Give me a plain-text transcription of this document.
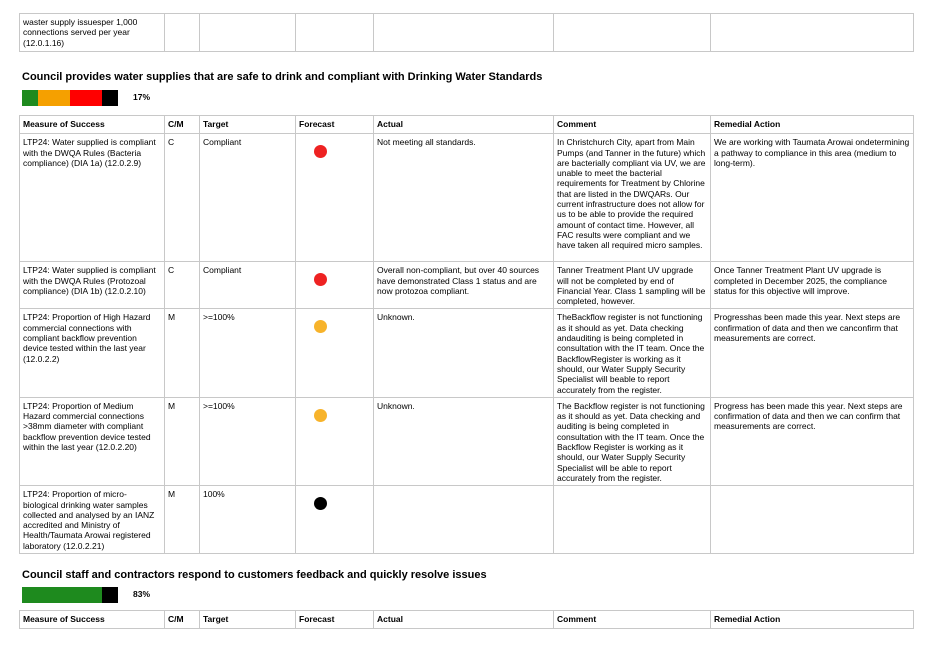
waster supply issuesper 1,000 connections served per year (12.0.1.16)						
Council provides water supplies that are safe to drink and compliant with Drinking Water Standards
17%
Measure of Success	C/M	Target	Forecast	Actual	Comment	Remedial Action
LTP24: Water supplied is compliant with the DWQA Rules (Bacteria compliance) (DIA 1a) (12.0.2.9)	C	Compliant		Not meeting all standards.	In Christchurch City, apart from Main Pumps (and Tanner in the future) which are bacterially compliant via UV, we are unable to meet the bacterial requirements for Treatment by Chlorine that are listed in the DWQARs. Our current infrastructure does not allow for us to be able to provide the required amount of contact time. However, all FAC results were compliant and we have taken all required micro samples.	We are working with Taumata Arowai ondetermining a pathway to compliance in this area (medium to long-term).
LTP24: Water supplied is compliant with the DWQA Rules (Protozoal compliance) (DIA 1b) (12.0.2.10)	C	Compliant		Overall non-compliant, but over 40 sources have demonstrated Class 1 status and are now protozoa compliant.	Tanner Treatment Plant UV upgrade will not be completed by end of Financial Year. Class 1 sampling will be completed, however.	Once Tanner Treatment Plant UV upgrade is completed in December 2025, the compliance status for this objective will improve.
LTP24: Proportion of High Hazard commercial connections with compliant backflow prevention device tested within the last year (12.0.2.2)	M	>=100%		Unknown.	TheBackflow register is not functioning as it should as yet. Data checking andauditing is being completed in consultation with the IT team. Once the BackflowRegister is working as it should, our Water Supply Security Specialist will beable to report accurately from the register.	Progresshas been made this year. Next steps are confirmation of data and then we canconfirm that measurements are correct.
LTP24: Proportion of Medium Hazard commercial connections >38mm diameter with compliant backflow prevention device tested within the last year (12.0.2.20)	M	>=100%		Unknown.	The Backflow register is not functioning as it should as yet. Data checking and auditing is being completed in consultation with the IT team. Once the Backflow Register is working as it should, our Water Supply Security Specialist will be able to report accurately from the register.	Progress has been made this year. Next steps are confirmation of data and then we can confirm that measurements are correct.
LTP24: Proportion of micro-biological drinking water samples collected and analysed by an IANZ accredited and Ministry of Health/Taumata Arowai registered laboratory (12.0.2.21)	M	100%	

Council staff and contractors respond to customers feedback and quickly resolve issues
83%
Measure of Success	C/M	Target	Forecast	Actual	Comment	Remedial Action
